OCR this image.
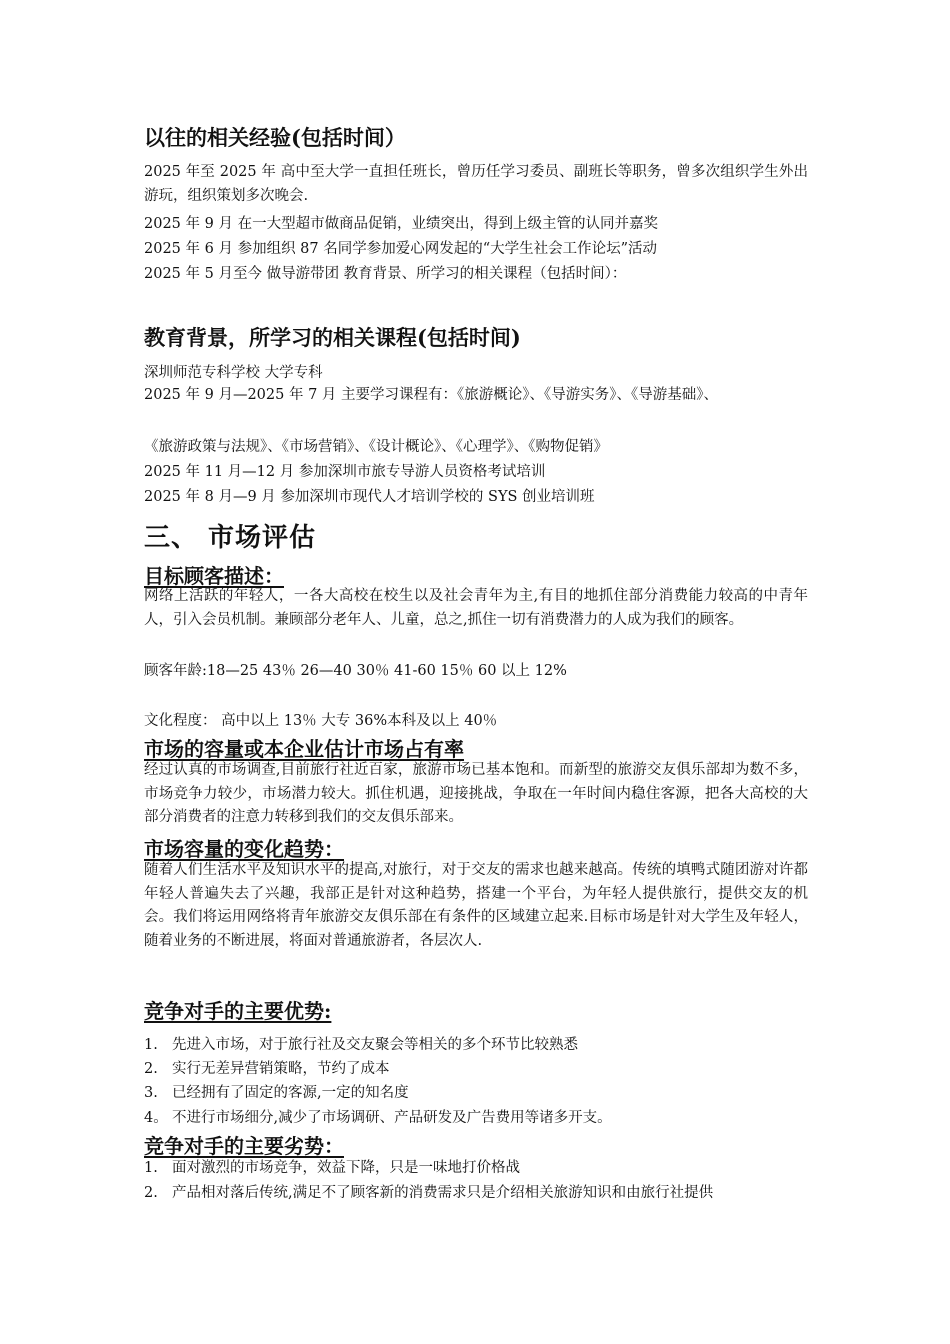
以往的相关经验(包括时间）
2025 年至 2025 年 高中至大学一直担任班长，曾历任学习委员、副班长等职务，曾多次组织学生外出游玩，组织策划多次晚会.
2025 年 9 月 在一大型超市做商品促销，业绩突出，得到上级主管的认同并嘉奖
2025 年 6 月 参加组织 87 名同学参加爱心网发起的“大学生社会工作论坛”活动
2025 年 5 月至今 做导游带团 教育背景、所学习的相关课程（包括时间）：
教育背景，所学习的相关课程(包括时间)
深圳师范专科学校 大学专科
2025 年 9 月—2025 年 7 月 主要学习课程有：《旅游概论》、《导游实务》、《导游基础》、
《旅游政策与法规》、《市场营销》、《设计概论》、《心理学》、《购物促销》
2025 年 11 月—12 月 参加深圳市旅专导游人员资格考试培训
2025 年 8 月—9 月 参加深圳市现代人才培训学校的 SYS 创业培训班
三、 市场评估
目标顾客描述：
网络上活跃的年轻人，一各大高校在校生以及社会青年为主,有目的地抓住部分消费能力较高的中青年人，引入会员机制。兼顾部分老年人、儿童，总之,抓住一切有消费潜力的人成为我们的顾客。
顾客年龄:18—25 43％ 26—40 30％ 41-60 15％ 60 以上 12%
文化程度： 高中以上 13％ 大专 36%本科及以上 40％
市场的容量或本企业估计市场占有率
经过认真的市场调查,目前旅行社近百家，旅游市场已基本饱和。而新型的旅游交友俱乐部却为数不多，市场竞争力较少，市场潜力较大。抓住机遇，迎接挑战，争取在一年时间内稳住客源，把各大高校的大部分消费者的注意力转移到我们的交友俱乐部来。
市场容量的变化趋势：
随着人们生活水平及知识水平的提高,对旅行，对于交友的需求也越来越高。传统的填鸭式随团游对许都年轻人普遍失去了兴趣，我部正是针对这种趋势，搭建一个平台，为年轻人提供旅行，提供交友的机会。我们将运用网络将青年旅游交友俱乐部在有条件的区域建立起来.目标市场是针对大学生及年轻人，随着业务的不断进展，将面对普通旅游者，各层次人.
竞争对手的主要优势:
1. 先进入市场，对于旅行社及交友聚会等相关的多个环节比较熟悉
2. 实行无差异营销策略，节约了成本
3. 已经拥有了固定的客源,一定的知名度
4。 不进行市场细分,减少了市场调研、产品研发及广告费用等诸多开支。
竞争对手的主要劣势：
1. 面对激烈的市场竞争，效益下降，只是一味地打价格战
2. 产品相对落后传统,满足不了顾客新的消费需求只是介绍相关旅游知识和由旅行社提供
